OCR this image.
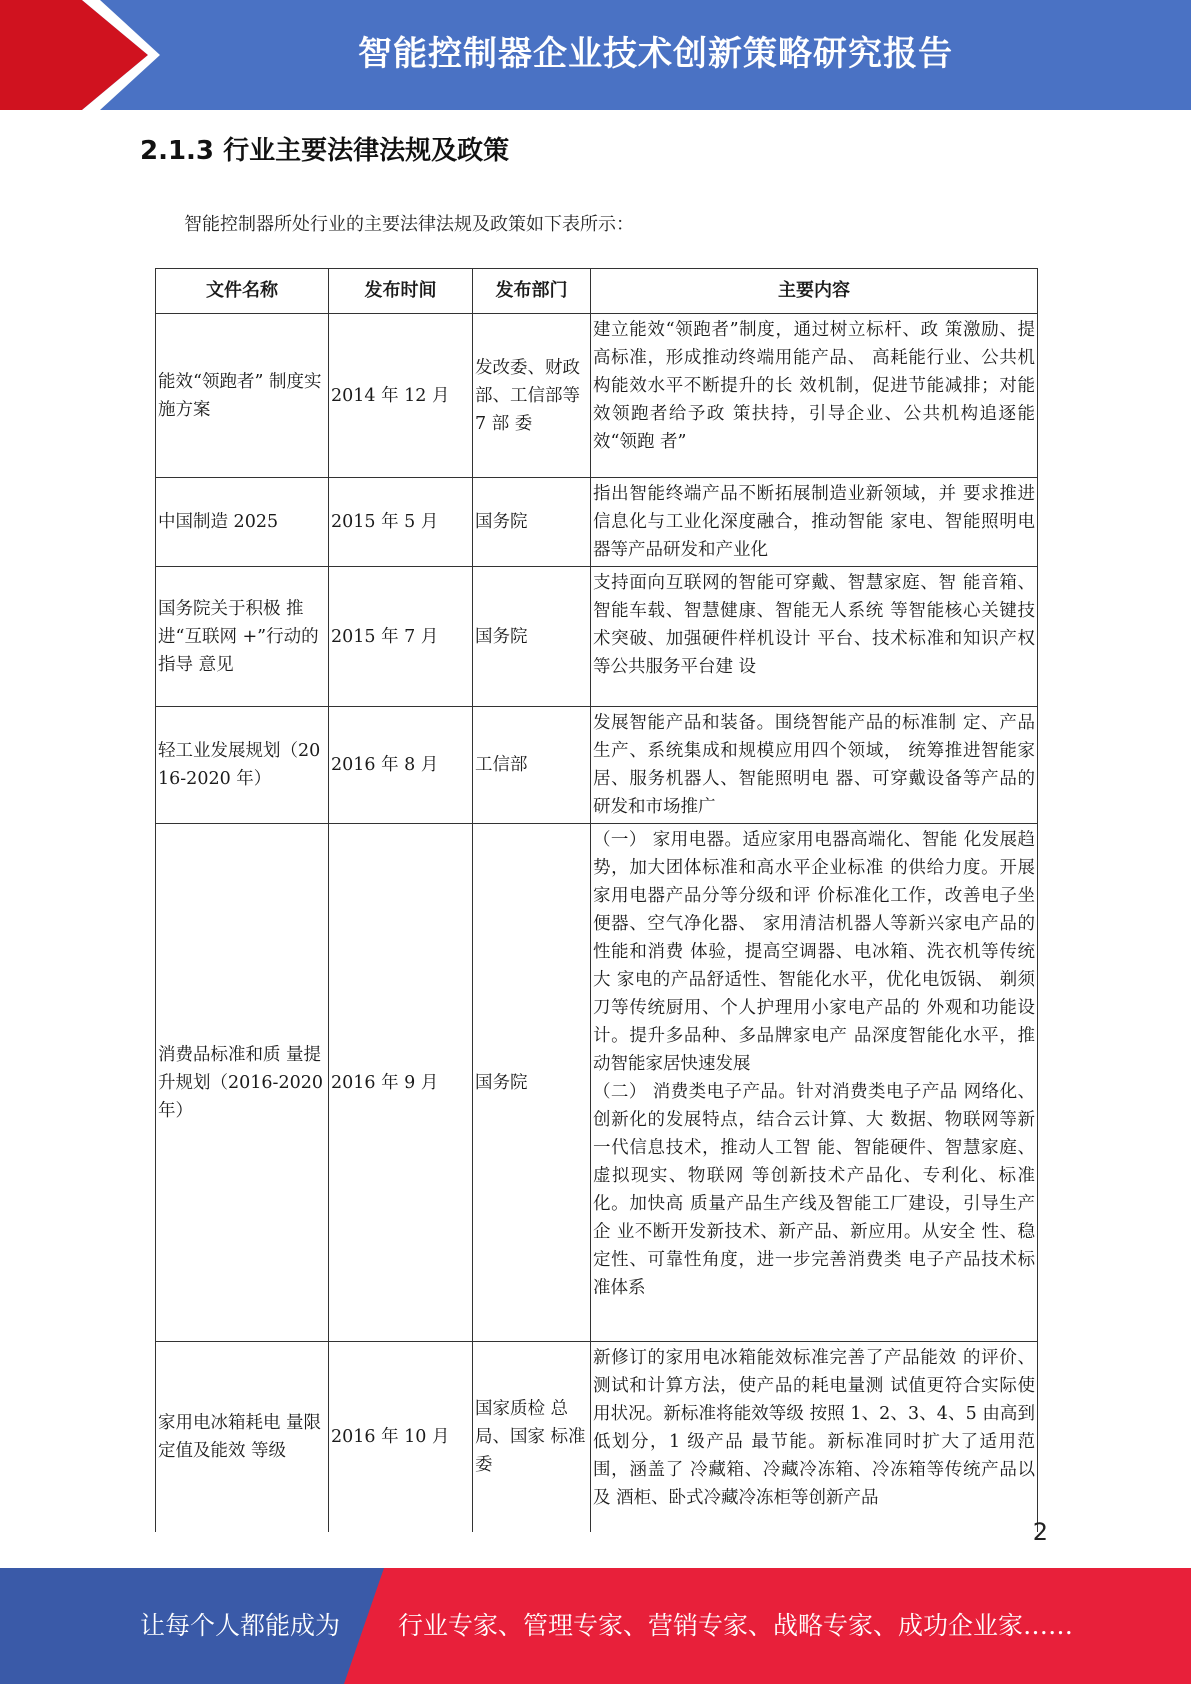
智能控制器企业技术创新策略研究报告
2.1.3 行业主要法律法规及政策
智能控制器所处行业的主要法律法规及政策如下表所示：
文件名称	发布时间	发布部门	主要内容
能效“领跑者” 制度实施方案	2014 年 12 月	发改委、财政部、工信部等 7 部 委	建立能效“领跑者”制度，通过树立标杆、政 策激励、提高标准，形成推动终端用能产品、 高耗能行业、公共机构能效水平不断提升的长 效机制，促进节能减排；对能效领跑者给予政 策扶持，引导企业、公共机构追逐能效“领跑 者”
中国制造 2025	2015 年 5 月	国务院	指出智能终端产品不断拓展制造业新领域，并 要求推进信息化与工业化深度融合，推动智能 家电、智能照明电器等产品研发和产业化
国务院关于积极 推进“互联网 +”行动的指导 意见	2015 年 7 月	国务院	支持面向互联网的智能可穿戴、智慧家庭、智 能音箱、智能车载、智慧健康、智能无人系统 等智能核心关键技术突破、加强硬件样机设计 平台、技术标准和知识产权等公共服务平台建 设
轻工业发展规划（2016-2020 年）	2016 年 8 月	工信部	发展智能产品和装备。围绕智能产品的标准制 定、产品生产、系统集成和规模应用四个领域， 统筹推进智能家居、服务机器人、智能照明电 器、可穿戴设备等产品的研发和市场推广
消费品标准和质 量提升规划（2016-2020 年）	2016 年 9 月	国务院	（一） 家用电器。适应家用电器高端化、智能 化发展趋势，加大团体标准和高水平企业标准 的供给力度。开展家用电器产品分等分级和评 价标准化工作，改善电子坐便器、空气净化器、 家用清洁机器人等新兴家电产品的性能和消费 体验，提高空调器、电冰箱、洗衣机等传统大 家电的产品舒适性、智能化水平，优化电饭锅、 剃须刀等传统厨用、个人护理用小家电产品的 外观和功能设计。提升多品种、多品牌家电产 品深度智能化水平，推动智能家居快速发展
（二） 消费类电子产品。针对消费类电子产品 网络化、创新化的发展特点，结合云计算、大 数据、物联网等新一代信息技术，推动人工智 能、智能硬件、智慧家庭、虚拟现实、物联网 等创新技术产品化、专利化、标准化。加快高 质量产品生产线及智能工厂建设，引导生产企 业不断开发新技术、新产品、新应用。从安全 性、稳定性、可靠性角度，进一步完善消费类 电子产品技术标准体系

家用电冰箱耗电 量限定值及能效 等级	2016 年 10 月	国家质检 总局、国家 标准委	新修订的家用电冰箱能效标准完善了产品能效 的评价、测试和计算方法，使产品的耗电量测 试值更符合实际使用状况。新标准将能效等级 按照 1、2、3、4、5 由高到低划分，1 级产品 最节能。新标准同时扩大了适用范围，涵盖了 冷藏箱、冷藏冷冻箱、冷冻箱等传统产品以及 酒柜、卧式冷藏冷冻柜等创新产品
2
让每个人都能成为 行业专家、管理专家、营销专家、战略专家、成功企业家……
